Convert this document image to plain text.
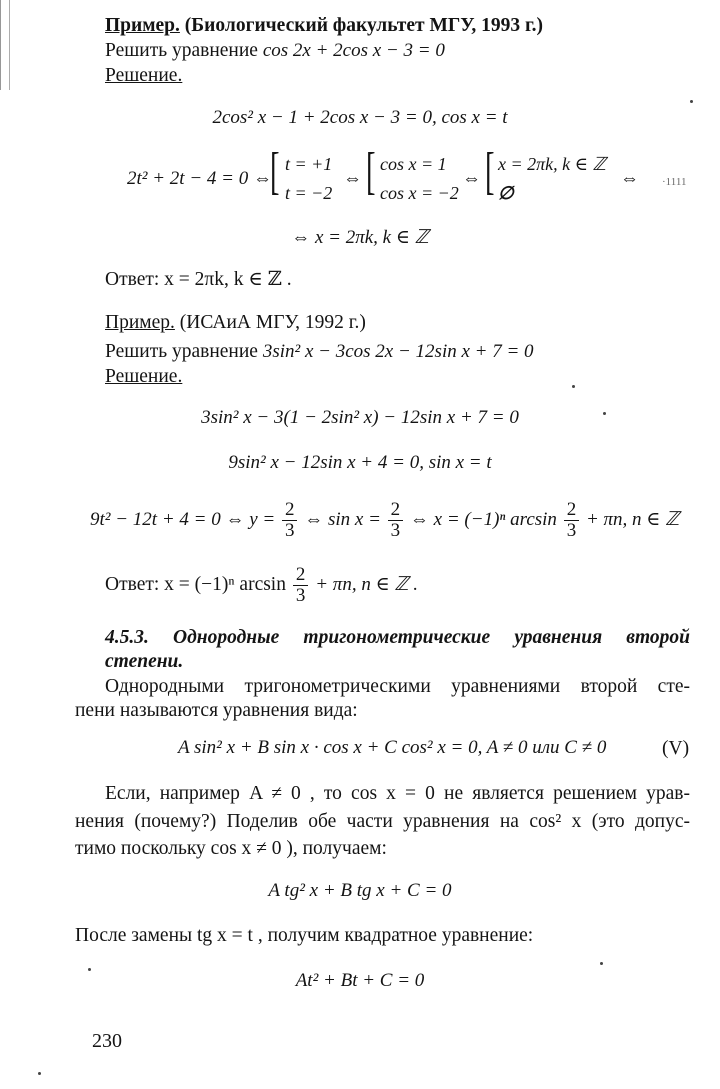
Пример. (Биологический факультет МГУ, 1993 г.)
Решить уравнение cos 2x + 2cos x − 3 = 0
Решение.
2cos² x − 1 + 2cos x − 3 = 0, cos x = t
2t² + 2t − 4 = 0 ⇔
[ t = +1
t = −2
⇔ [ cos x = 1
cos x = −2
⇔ [ x = 2πk, k ∈ ℤ
∅
⇔ ·1111
⇔ x = 2πk, k ∈ ℤ
Ответ: x = 2πk, k ∈ ℤ .
Пример. (ИСАиА МГУ, 1992 г.)
Решить уравнение 3sin² x − 3cos 2x − 12sin x + 7 = 0
Решение.
3sin² x − 3(1 − 2sin² x) − 12sin x + 7 = 0
9sin² x − 12sin x + 4 = 0, sin x = t
9t² − 12t + 4 = 0 ⇔ $y = \frac{2}{3}$ ⇔ $\sin x = \frac{2}{3}$ ⇔ x = (−1)ⁿ $\arcsin \frac{2}{3} + \pi n$, n ∈ ℤ
Ответ: x = (−1)ⁿ $\arcsin \frac{2}{3} + \pi n$, n ∈ ℤ .
4.5.3. Однородные тригонометрические уравнения второй степени.
Однородными тригонометрическими уравнениями второй сте-
пени называются уравнения вида:
A sin² x + B sin x · cos x + C cos² x = 0, A ≠ 0 или C ≠ 0	(V)
Если, например A ≠ 0 , то cos x = 0 не является решением урав-
нения (почему?) Поделив обе части уравнения на cos² x (это допус-
тимо поскольку cos x ≠ 0 ), получаем:
A tg² x + B tg x + C = 0
После замены tg x = t , получим квадратное уравнение:
At² + Bt + C = 0
230
